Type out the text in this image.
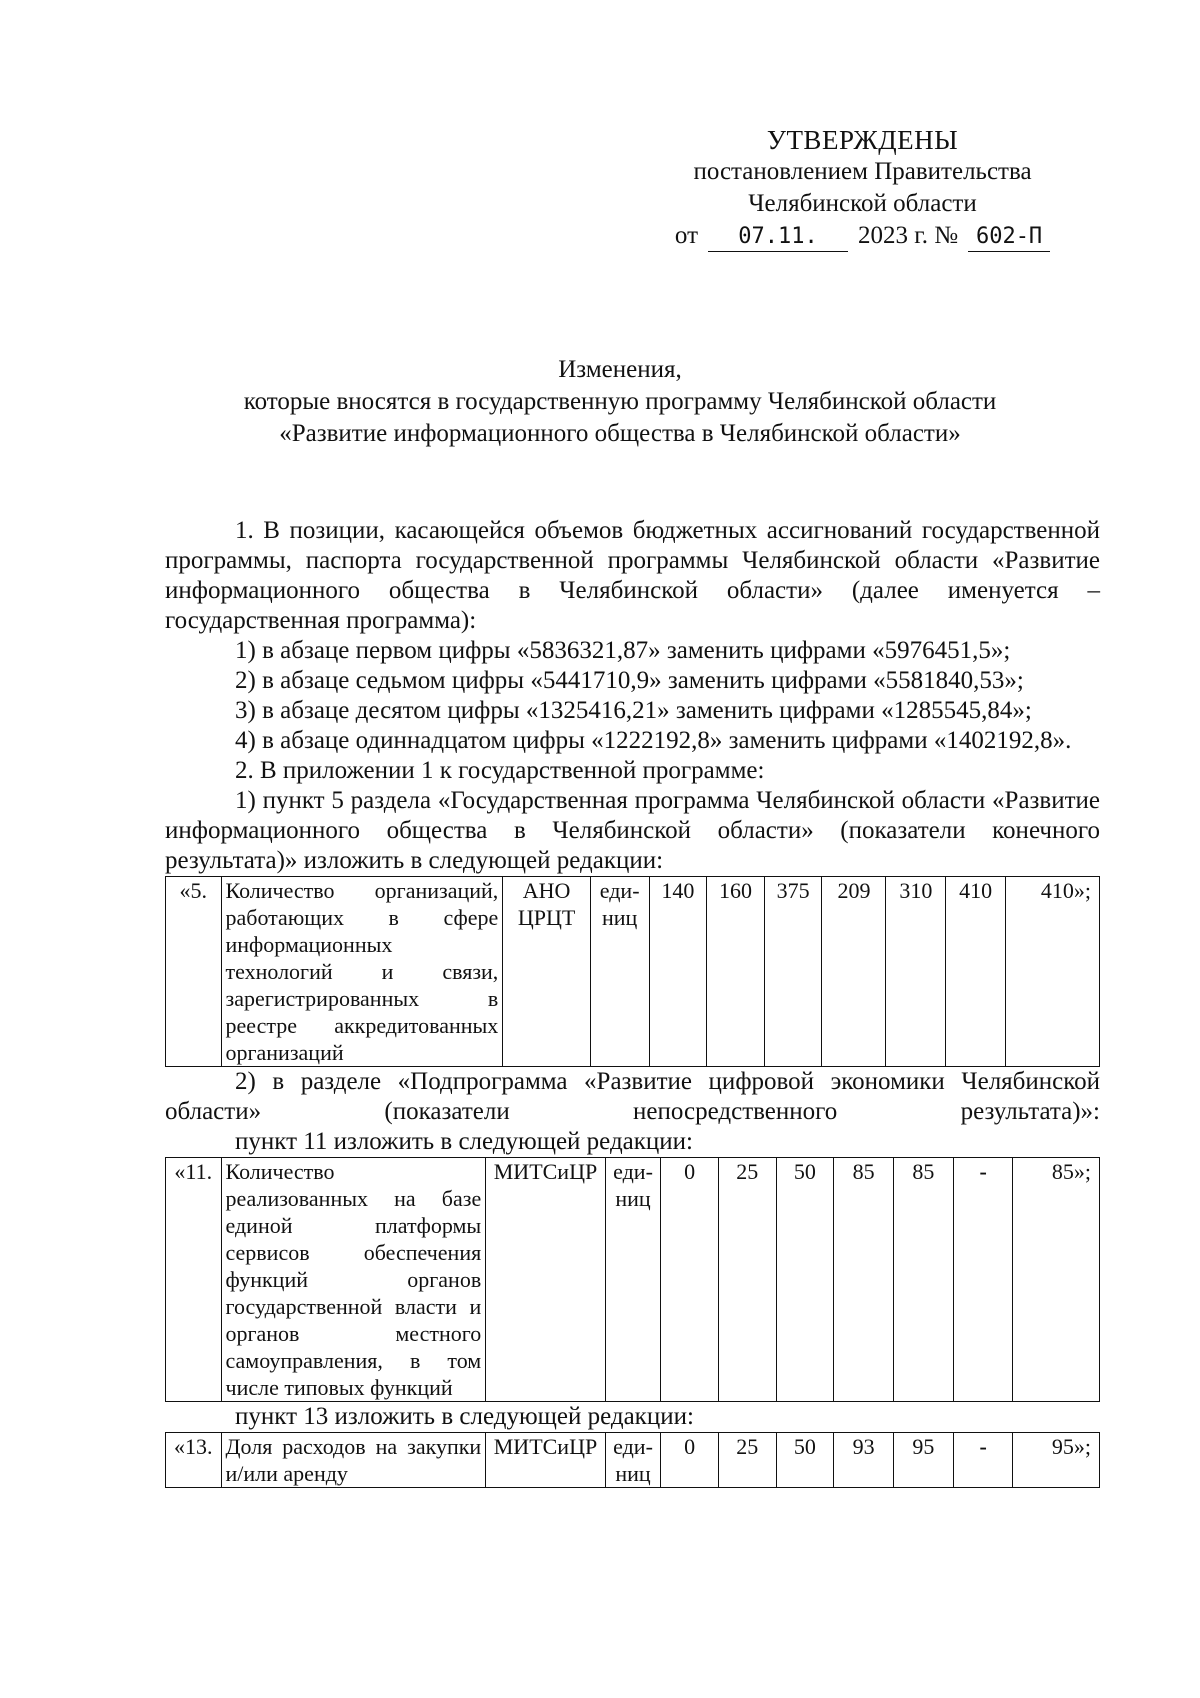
УТВЕРЖДЕНЫ
постановлением Правительства
Челябинской области
от	07.11.	2023 г. № 602-П
Изменения,
которые вносятся в государственную программу Челябинской области
«Развитие информационного общества в Челябинской области»

1. В позиции, касающейся объемов бюджетных ассигнований государственной программы, паспорта государственной программы Челябинской области «Развитие информационного общества в Челябинской области» (далее именуется – государственная программа):

1) в абзаце первом цифры «5836321,87» заменить цифрами «5976451,5»;

2) в абзаце седьмом цифры «5441710,9» заменить цифрами «5581840,53»;

3) в абзаце десятом цифры «1325416,21» заменить цифрами «1285545,84»;

4) в абзаце одиннадцатом цифры «1222192,8» заменить цифрами «1402192,8».

2. В приложении 1 к государственной программе:

1) пункт 5 раздела «Государственная программа Челябинской области «Развитие информационного общества в Челябинской области» (показатели конечного результата)» изложить в следующей редакции:

«5.	Количество организаций, работающих в сфере информационных технологий и связи, зарегистрированных в реестре аккредитованных организаций	АНО ЦРЦТ	еди- ниц	140	160	375	209	310	410	410»;

2) в разделе «Подпрограмма «Развитие цифровой экономики Челябинской области» (показатели непосредственного результата)»:

пункт 11 изложить в следующей редакции:

«11.	Количество реализованных на базе единой платформы сервисов обеспечения функций органов государственной власти и органов местного самоуправления, в том числе типовых функций	МИТСиЦР	еди- ниц	0	25	50	85	85	-	85»;

пункт 13 изложить в следующей редакции:

«13.	Доля расходов на закупки и/или аренду	МИТСиЦР	еди- ниц	0	25	50	93	95	-	95»;
